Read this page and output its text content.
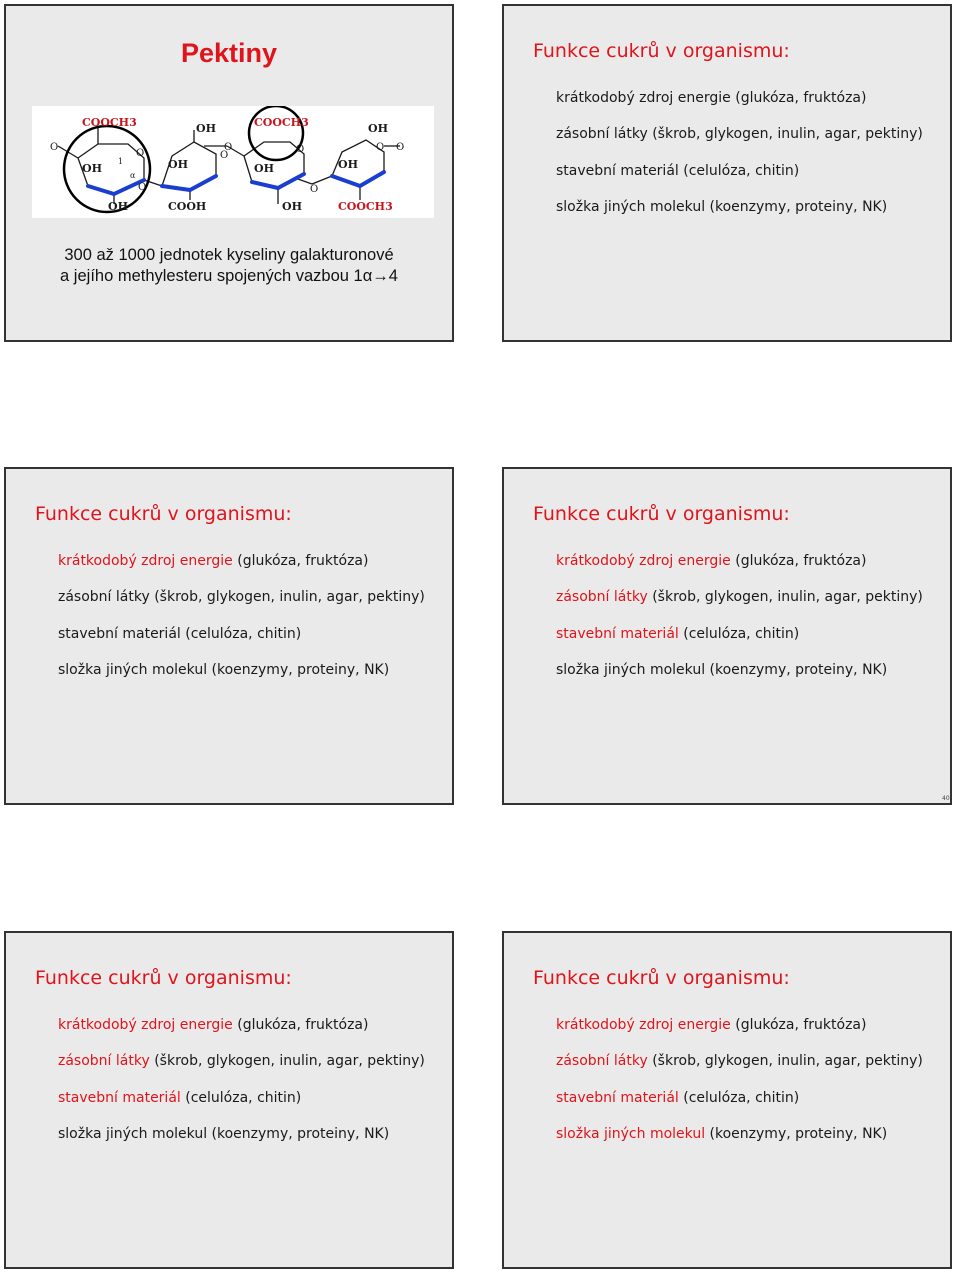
Pektiny
COOCH3	COOCH3
COOH	COOCH3
OH
OH
OH
OH	OH
OH
OH
OH
O
O
O
O
O	O
O
O O
1
α
300 až 1000 jednotek kyseliny galakturonové
a jejího methylesteru spojených vazbou 1α→4
Funkce cukrů v organismu:
krátkodobý zdroj energie (glukóza, fruktóza)
zásobní látky (škrob, glykogen, inulin, agar, pektiny)
stavební materiál (celulóza, chitin)
složka jiných molekul (koenzymy, proteiny, NK)
Funkce cukrů v organismu:
krátkodobý zdroj energie (glukóza, fruktóza)
zásobní látky (škrob, glykogen, inulin, agar, pektiny)
stavební materiál (celulóza, chitin)
složka jiných molekul (koenzymy, proteiny, NK)
Funkce cukrů v organismu:
krátkodobý zdroj energie (glukóza, fruktóza)
zásobní látky (škrob, glykogen, inulin, agar, pektiny)
stavební materiál (celulóza, chitin)
složka jiných molekul (koenzymy, proteiny, NK)
40
Funkce cukrů v organismu:
krátkodobý zdroj energie (glukóza, fruktóza)
zásobní látky (škrob, glykogen, inulin, agar, pektiny)
stavební materiál (celulóza, chitin)
složka jiných molekul (koenzymy, proteiny, NK)
Funkce cukrů v organismu:
krátkodobý zdroj energie (glukóza, fruktóza)
zásobní látky (škrob, glykogen, inulin, agar, pektiny)
stavební materiál (celulóza, chitin)
složka jiných molekul (koenzymy, proteiny, NK)
